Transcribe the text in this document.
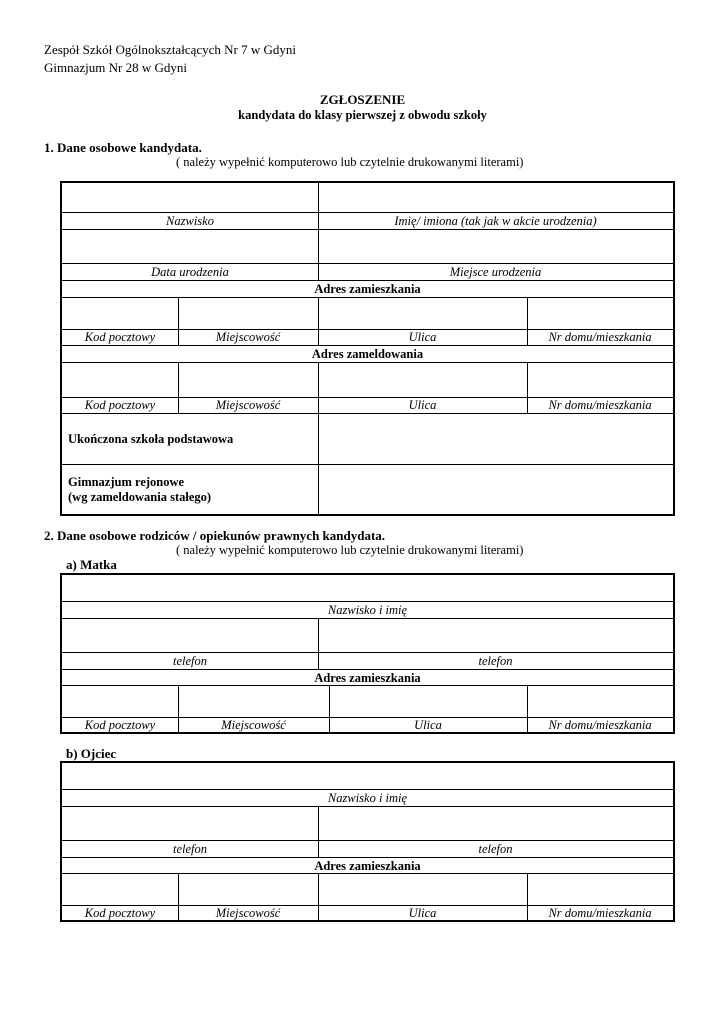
Zespół Szkół Ogólnokształcących Nr 7 w Gdyni
Gimnazjum Nr 28 w Gdyni
ZGŁOSZENIE
kandydata do klasy pierwszej z obwodu szkoły
1. Dane osobowe kandydata.
( należy wypełnić komputerowo lub czytelnie drukowanymi literami)
Nazwisko	Imię/ imiona (tak jak w akcie urodzenia)
Data urodzenia	Miejsce urodzenia
Adres zamieszkania
Kod pocztowy	Miejscowość	Ulica	Nr domu/mieszkania
Adres zameldowania
Kod pocztowy	Miejscowość	Ulica	Nr domu/mieszkania
Ukończona szkoła podstawowa
Gimnazjum rejonowe
(wg zameldowania stałego)
2. Dane osobowe rodziców / opiekunów prawnych kandydata.
( należy wypełnić komputerowo lub czytelnie drukowanymi literami)
a) Matka
Nazwisko i imię
telefon	telefon
Adres zamieszkania
Kod pocztowy	Miejscowość	Ulica	Nr domu/mieszkania
b) Ojciec
Nazwisko i imię
telefon	telefon
Adres zamieszkania
Kod pocztowy	Miejscowość	Ulica	Nr domu/mieszkania
